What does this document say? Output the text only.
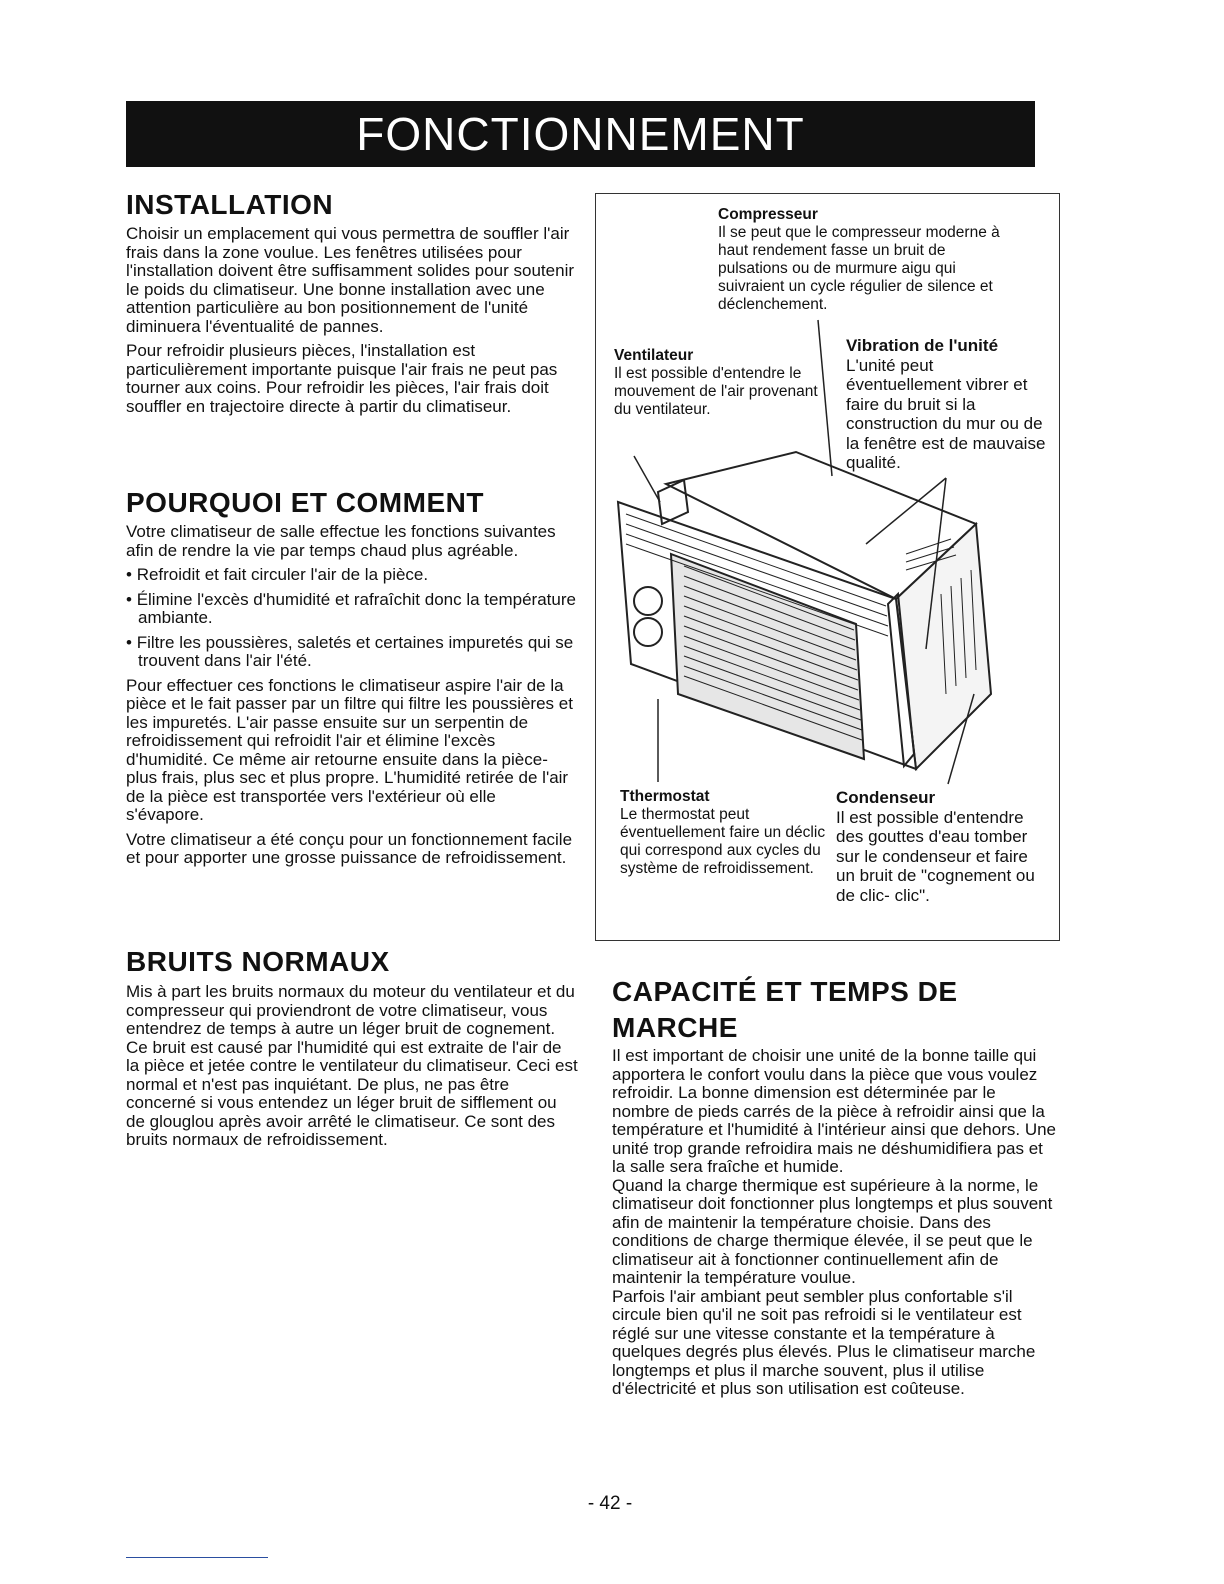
FONCTIONNEMENT
INSTALLATION

Choisir un emplacement qui vous permettra de souffler l'air frais dans la zone voulue. Les fenêtres utilisées pour l'installation doivent être suffisamment solides pour soutenir le poids du climatiseur. Une bonne installation avec une attention particulière au bon positionnement de l'unité diminuera l'éventualité de pannes.

Pour refroidir plusieurs pièces, l'installation est particulièrement importante puisque l'air frais ne peut pas tourner aux coins. Pour refroidir les pièces, l'air frais doit souffler en trajectoire directe à partir du climatiseur.

POURQUOI ET COMMENT

Votre climatiseur de salle effectue les fonctions suivantes afin de rendre la vie par temps chaud plus agréable.

• Refroidit et fait circuler l'air de la pièce.
• Élimine l'excès d'humidité et rafraîchit donc la température ambiante.
• Filtre les poussières, saletés et certaines impuretés qui se trouvent dans l'air l'été.

Pour effectuer ces fonctions le climatiseur aspire l'air de la pièce et le fait passer par un filtre qui filtre les poussières et les impuretés. L'air passe ensuite sur un serpentin de refroidissement qui refroidit l'air et élimine l'excès d'humidité. Ce même air retourne ensuite dans la pièce- plus frais, plus sec et plus propre. L'humidité retirée de l'air de la pièce est transportée vers l'extérieur où elle s'évapore.

Votre climatiseur a été conçu pour un fonctionnement facile et pour apporter une grosse puissance de refroidissement.

BRUITS NORMAUX

Mis à part les bruits normaux du moteur du ventilateur et du compresseur qui proviendront de votre climatiseur, vous entendrez de temps à autre un léger bruit de cognement. Ce bruit est causé par l'humidité qui est extraite de l'air de la pièce et jetée contre le ventilateur du climatiseur. Ceci est normal et n'est pas inquiétant. De plus, ne pas être concerné si vous entendez un léger bruit de sifflement ou de glouglou après avoir arrêté le climatiseur. Ce sont des bruits normaux de refroidissement.

Compresseur
Il se peut que le compresseur moderne à haut rendement fasse un bruit de pulsations ou de murmure aigu qui suivraient un cycle régulier de silence et déclenchement.
Ventilateur
Il est possible d'entendre le mouvement de l'air provenant du ventilateur.
Vibration de l'unité
L'unité peut éventuellement vibrer et faire du bruit si la construction du mur ou de la fenêtre est de mauvaise qualité.
Tthermostat
Le thermostat peut éventuellement faire un déclic qui correspond aux cycles du système de refroidissement.
Condenseur
Il est possible d'entendre des gouttes d'eau tomber sur le condenseur et faire un bruit de "cognement ou de clic- clic".
CAPACITÉ ET TEMPS DE MARCHE

Il est important de choisir une unité de la bonne taille qui apportera le confort voulu dans la pièce que vous voulez refroidir. La bonne dimension est déterminée par le nombre de pieds carrés de la pièce à refroidir ainsi que la température et l'humidité à l'intérieur ainsi que dehors. Une unité trop grande refroidira mais ne déshumidifiera pas et la salle sera fraîche et humide.

Quand la charge thermique est supérieure à la norme, le climatiseur doit fonctionner plus longtemps et plus souvent afin de maintenir la température choisie. Dans des conditions de charge thermique élevée, il se peut que le climatiseur ait à fonctionner continuellement afin de maintenir la température voulue.

Parfois l'air ambiant peut sembler plus confortable s'il circule bien qu'il ne soit pas refroidi si le ventilateur est réglé sur une vitesse constante et la température à quelques degrés plus élevés. Plus le climatiseur marche longtemps et plus il marche souvent, plus il utilise d'électricité et plus son utilisation est coûteuse.

- 42 -
